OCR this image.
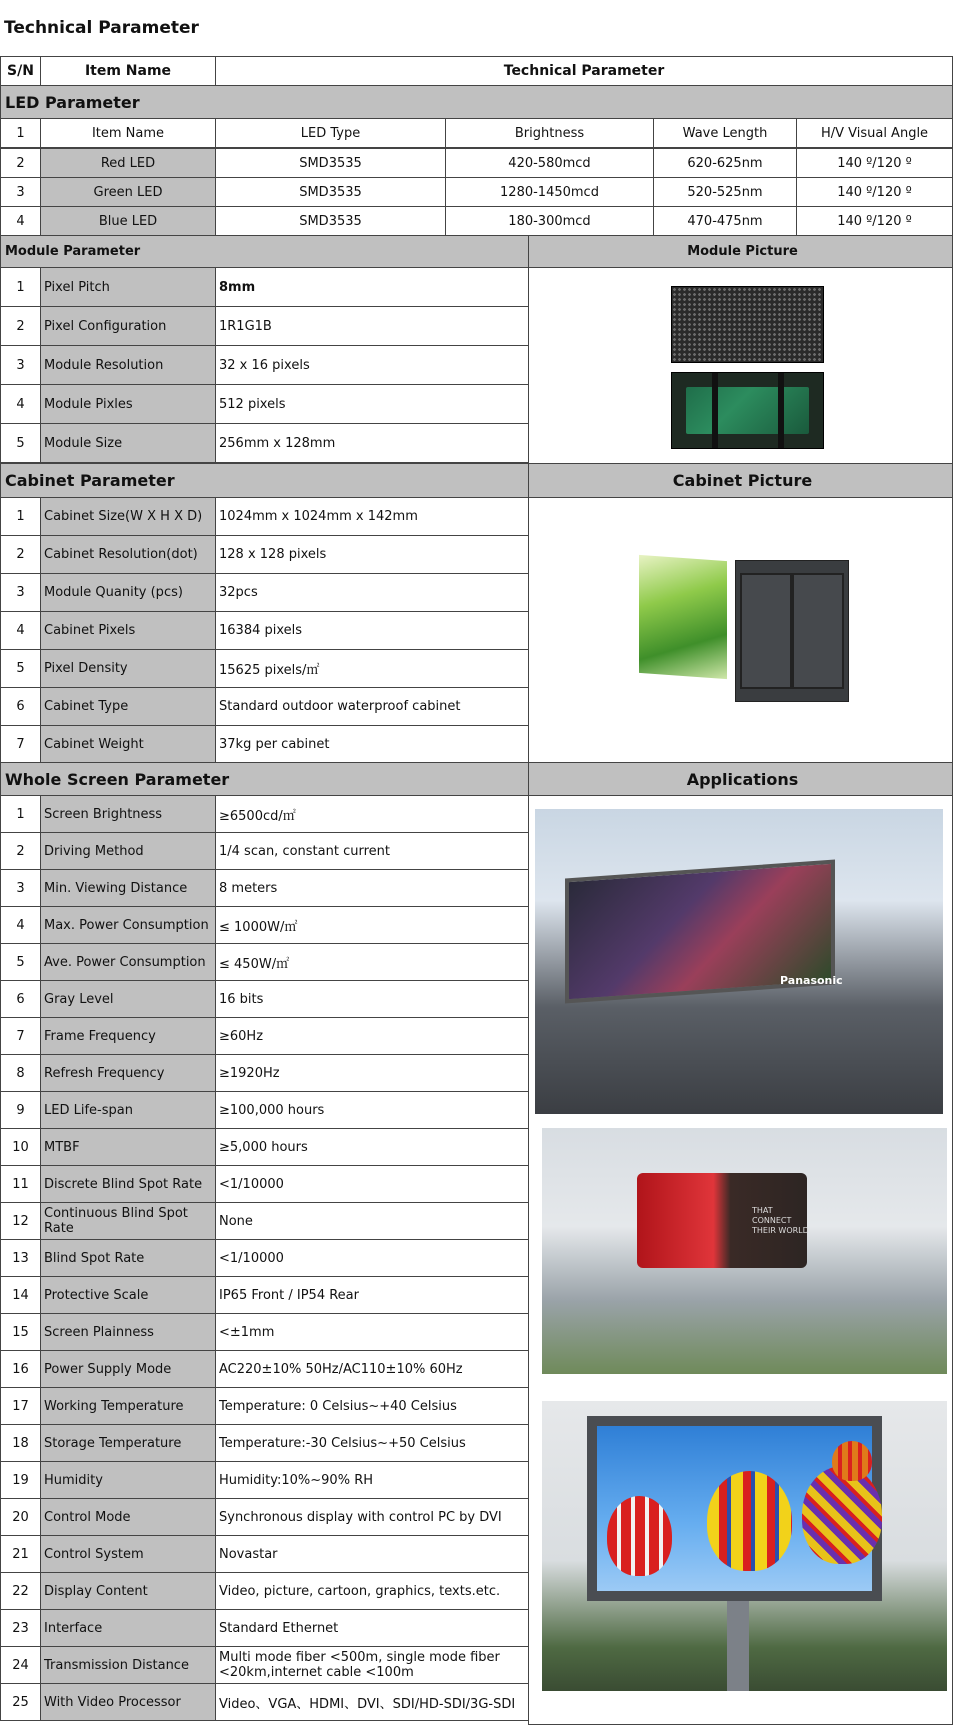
Technical Parameter
S/N	Item Name	Technical Parameter
LED Parameter
1	Item Name	LED Type	Brightness	Wave Length	H/V Visual Angle
2	Red LED	SMD3535	420-580mcd	620-625nm	140 º/120 º
3	Green LED	SMD3535	1280-1450mcd	520-525nm	140 º/120 º
4	Blue LED	SMD3535	180-300mcd	470-475nm	140 º/120 º
Module Parameter	Module Picture
1	Pixel Pitch	8mm
2	Pixel Configuration	1R1G1B
3	Module Resolution	32 x 16 pixels
4	Module Pixles	512 pixels
5	Module Size	256mm x 128mm
Cabinet Parameter	Cabinet Picture
1	Cabinet Size(W X H X D)	1024mm x 1024mm x 142mm
2	Cabinet Resolution(dot)	128 x 128 pixels
3	Module Quanity (pcs)	32pcs
4	Cabinet Pixels	16384 pixels
5	Pixel Density	15625 pixels/㎡
6	Cabinet Type	Standard outdoor waterproof cabinet
7	Cabinet Weight	37kg per cabinet
Whole Screen Parameter	Applications
1	Screen Brightness	≥6500cd/㎡
2	Driving Method	1/4 scan, constant current
3	Min. Viewing Distance	8 meters
4	Max. Power Consumption ≤ 1000W/㎡
5	Ave. Power Consumption	≤ 450W/㎡
6	Gray Level	16 bits
7	Frame Frequency	≥60Hz
8	Refresh Frequency	≥1920Hz
9	LED Life-span	≥100,000 hours
10	MTBF	≥5,000 hours
11	Discrete Blind Spot Rate	<1/10000
12	Continuous Blind Spot Rate	None
13	Blind Spot Rate	<1/10000
14	Protective Scale	IP65 Front / IP54 Rear
15	Screen Plainness	<±1mm
16	Power Supply Mode	AC220±10% 50Hz/AC110±10% 60Hz
17	Working Temperature	Temperature: 0 Celsius~+40 Celsius
18	Storage Temperature	Temperature:-30 Celsius~+50 Celsius
19	Humidity	Humidity:10%~90% RH
20	Control Mode	Synchronous display with control PC by DVI
21	Control System	Novastar
22	Display Content	Video, picture, cartoon, graphics, texts.etc.
23	Interface	Standard Ethernet
24	Transmission Distance	Multi mode fiber <500m, single mode fiber <20km,internet cable <100m
25	With Video Processor	Video、VGA、HDMI、DVI、SDI/HD-SDI/3G-SDI
Panasonic
THAT CONNECT THEIR WORLD
